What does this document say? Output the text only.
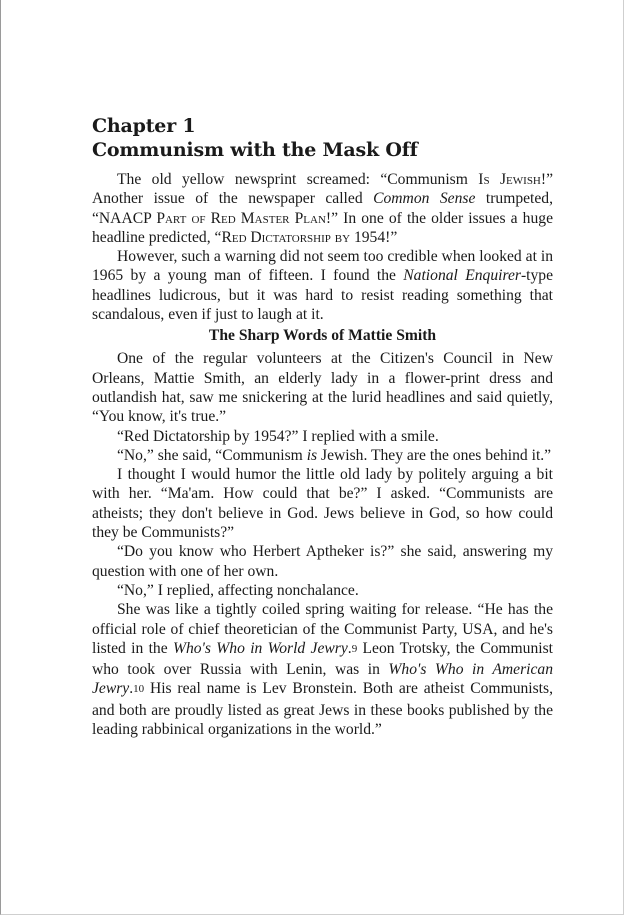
Chapter 1
Communism with the Mask Off

The old yellow newsprint screamed: “Communism Is Jewish!” Another issue of the newspaper called Common Sense trumpeted, “NAACP Part of Red Master Plan!” In one of the older issues a huge headline predicted, “Red Dictatorship by 1954!”

However, such a warning did not seem too credible when looked at in 1965 by a young man of fifteen. I found the National Enquirer-type headlines ludicrous, but it was hard to resist reading something that scandalous, even if just to laugh at it.

The Sharp Words of Mattie Smith

One of the regular volunteers at the Citizen's Council in New Orleans, Mattie Smith, an elderly lady in a flower-print dress and outlandish hat, saw me snickering at the lurid headlines and said quietly, “You know, it's true.”

“Red Dictatorship by 1954?” I replied with a smile.

“No,” she said, “Communism is Jewish. They are the ones behind it.”

I thought I would humor the little old lady by politely arguing a bit with her. “Ma'am. How could that be?” I asked. “Communists are atheists; they don't believe in God. Jews believe in God, so how could they be Communists?”

“Do you know who Herbert Aptheker is?” she said, answering my question with one of her own.

“No,” I replied, affecting nonchalance.

She was like a tightly coiled spring waiting for release. “He has the official role of chief theoretician of the Communist Party, USA, and he's listed in the Who's Who in World Jewry.$^9$ Leon Trotsky, the Communist who took over Russia with Lenin, was in Who's Who in American Jewry.$^{10}$ His real name is Lev Bronstein. Both are atheist Communists, and both are proudly listed as great Jews in these books published by the leading rabbinical organizations in the world.”
